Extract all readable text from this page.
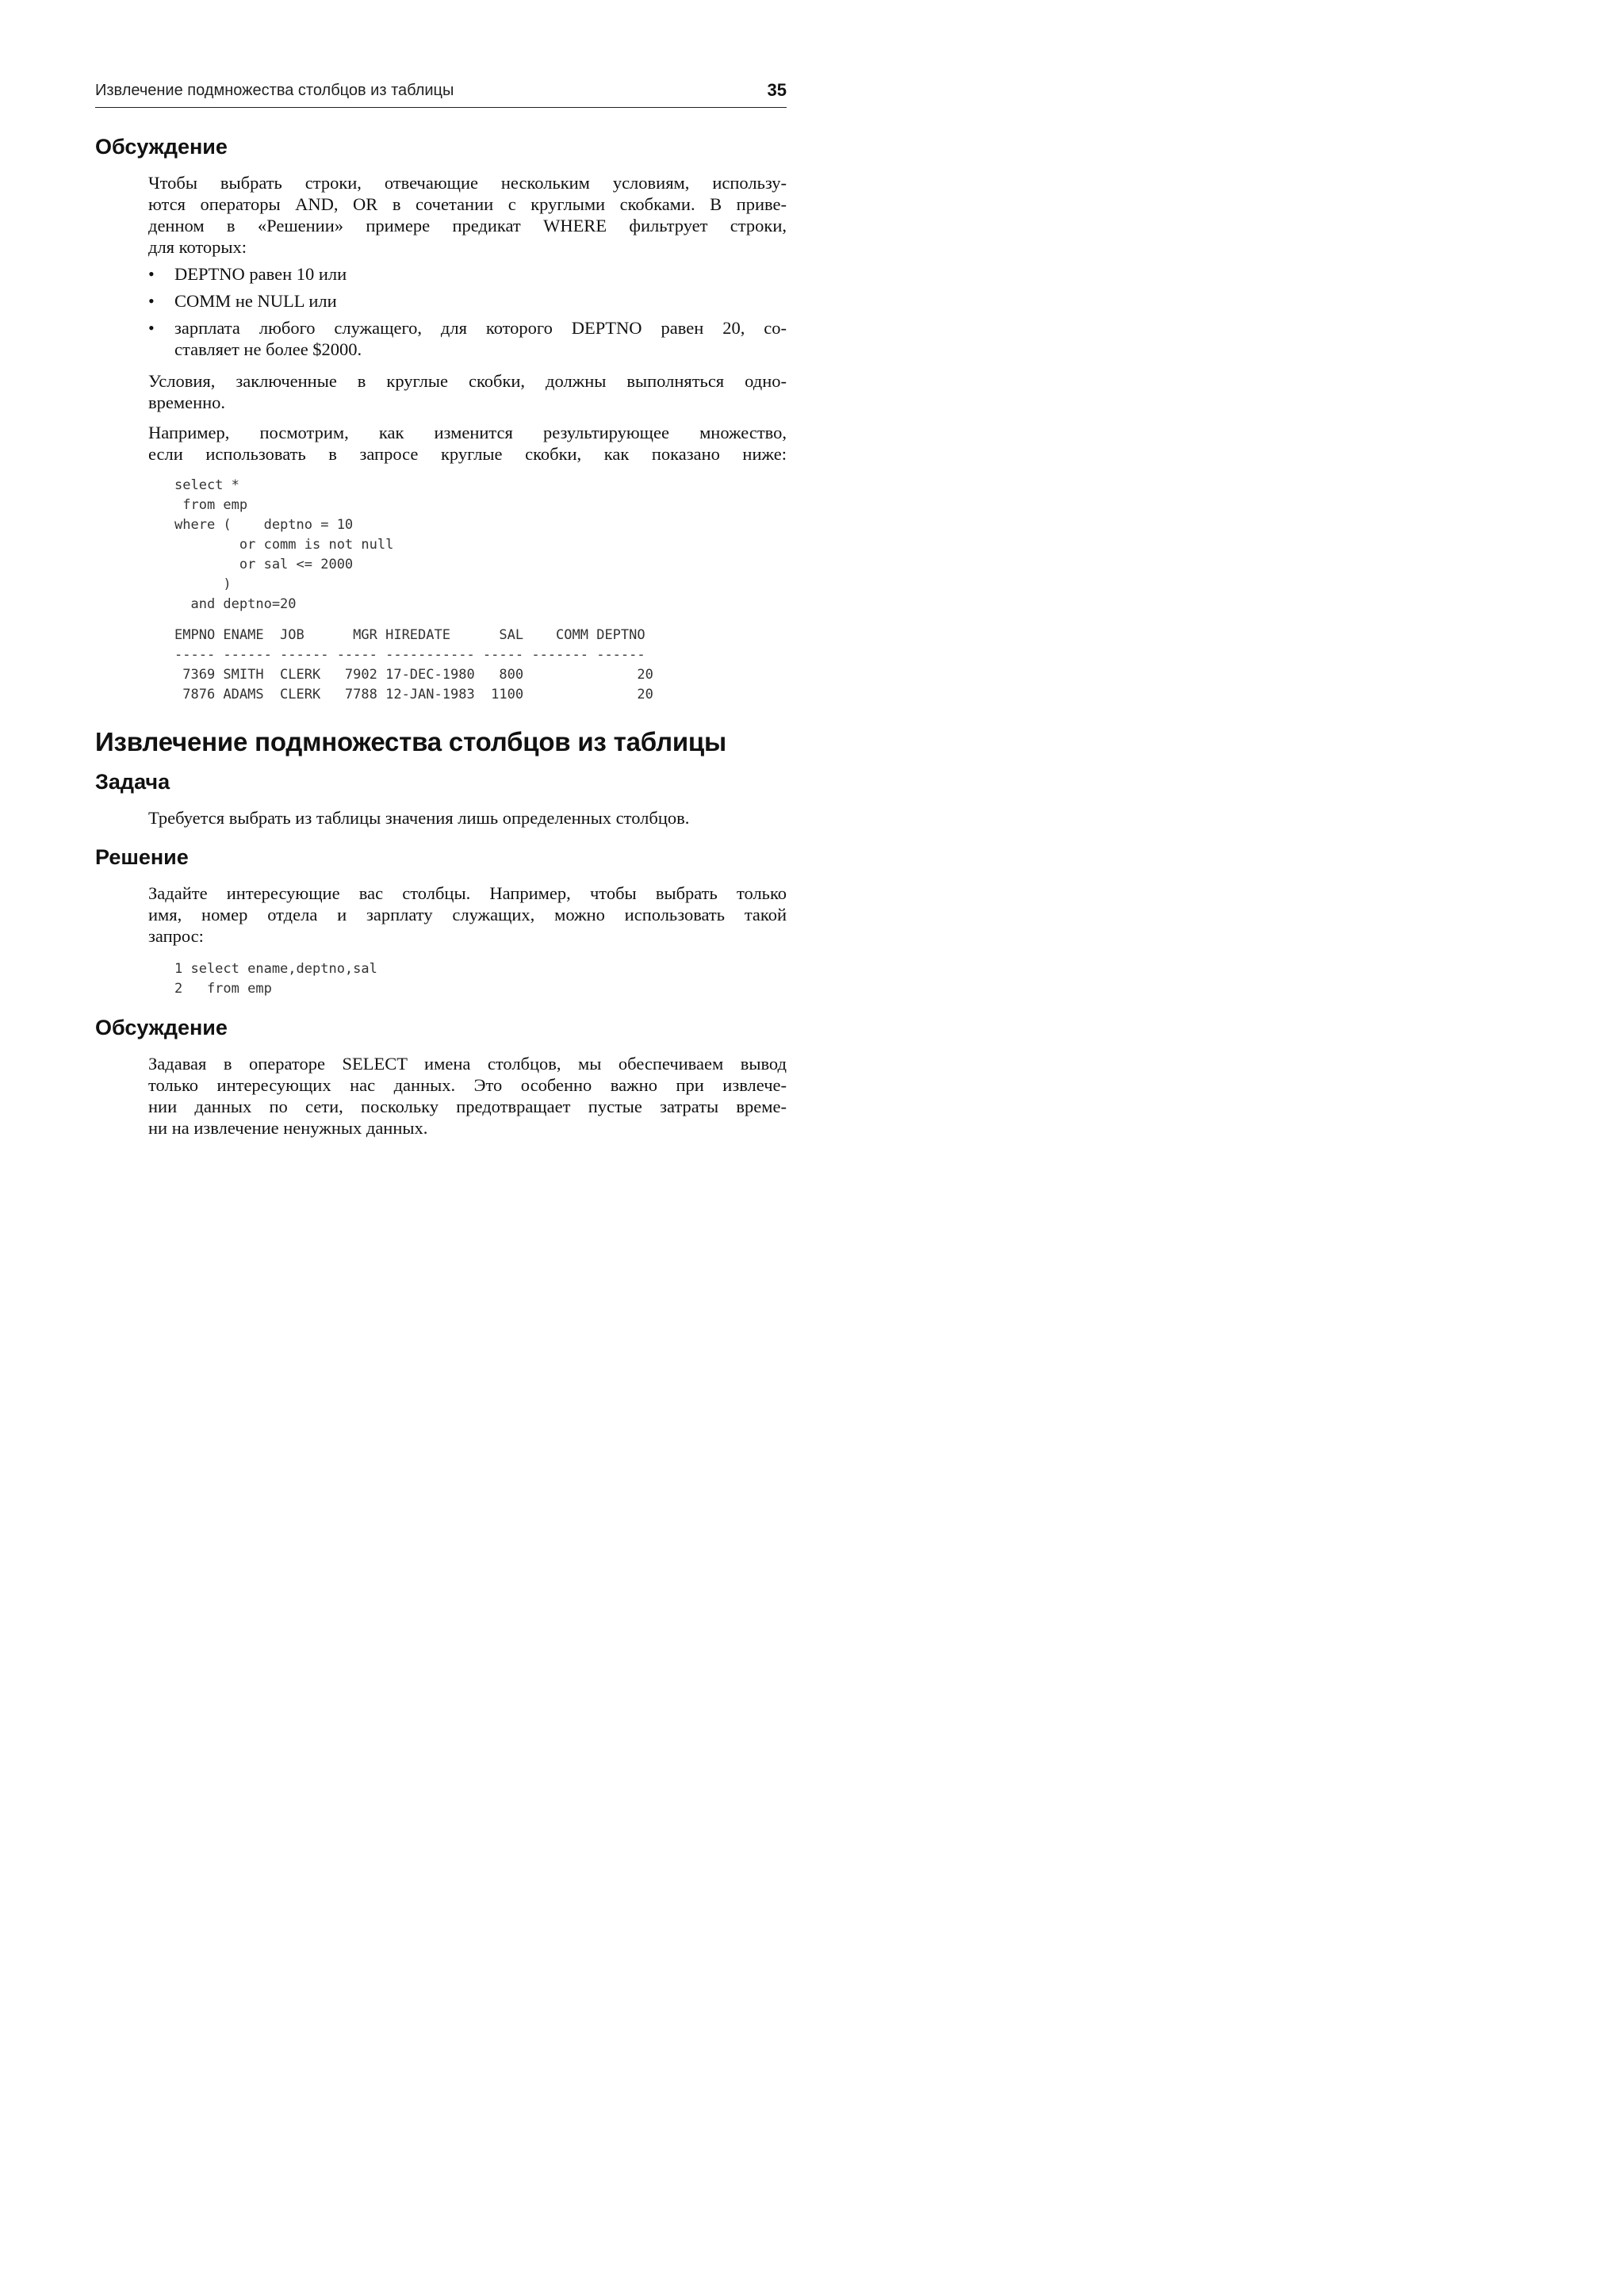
Извлечение подмножества столбцов из таблицы	35
Обсуждение
Чтобы выбрать строки, отвечающие нескольким условиям, использу-
ются операторы AND, OR в сочетании с круглыми скобками. В приве-
денном в «Решении» примере предикат WHERE фильтрует строки,
для которых:
• DEPTNO равен 10 или
• COMM не NULL или
• зарплата любого служащего, для которого DEPTNO равен 20, со-
ставляет не более $2000.
Условия, заключенные в круглые скобки, должны выполняться одно-
временно.
Например, посмотрим, как изменится результирующее множество,
если использовать в запросе круглые скобки, как показано ниже:
select *
from emp
where (    deptno = 10
or comm is not null
or sal <= 2000
)
and deptno=20
EMPNO ENAME  JOB      MGR HIREDATE      SAL    COMM DEPTNO
----- ------ ------ ----- ----------- ----- ------- ------
7369 SMITH  CLERK   7902 17-DEC-1980   800              20
7876 ADAMS  CLERK   7788 12-JAN-1983  1100              20
Извлечение подмножества столбцов из таблицы
Задача
Требуется выбрать из таблицы значения лишь определенных столбцов.
Решение
Задайте интересующие вас столбцы. Например, чтобы выбрать только
имя, номер отдела и зарплату служащих, можно использовать такой
запрос:
1 select ename,deptno,sal
2   from emp
Обсуждение
Задавая в операторе SELECT имена столбцов, мы обеспечиваем вывод
только интересующих нас данных. Это особенно важно при извлече-
нии данных по сети, поскольку предотвращает пустые затраты време-
ни на извлечение ненужных данных.
